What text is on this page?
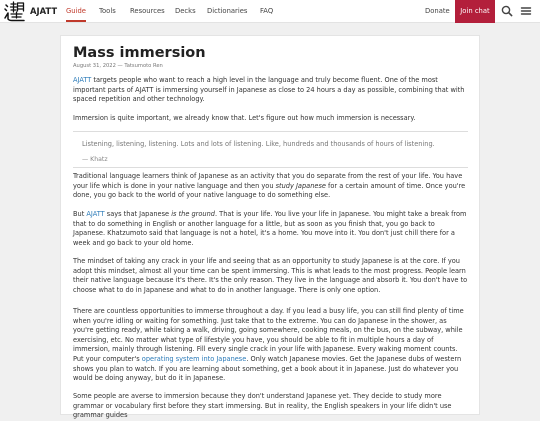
AJATT Guide Tools Resources Decks Dictionaries FAQ	Donate	Join chat
Mass immersion
August 31, 2022 — Tatsumoto Ren

AJATT targets people who want to reach a high level in the language and truly become fluent. One of the most important parts of AJATT is immersing yourself in Japanese as close to 24 hours a day as possible, combining that with spaced repetition and other technology.

Immersion is quite important, we already know that. Let's figure out how much immersion is necessary.

Listening, listening, listening. Lots and lots of listening. Like, hundreds and thousands of hours of listening.
— Khatz

Traditional language learners think of Japanese as an activity that you do separate from the rest of your life. You have your life which is done in your native language and then you study Japanese for a certain amount of time. Once you're done, you go back to the world of your native language to do something else.

But AJATT says that Japanese is the ground. That is your life. You live your life in Japanese. You might take a break from that to do something in English or another language for a little, but as soon as you finish that, you go back to Japanese. Khatzumoto said that language is not a hotel, it's a home. You move into it. You don't just chill there for a week and go back to your old home.

The mindset of taking any crack in your life and seeing that as an opportunity to study Japanese is at the core. If you adopt this mindset, almost all your time can be spent immersing. This is what leads to the most progress. People learn their native language because it's there. It's the only reason. They live in the language and absorb it. You don't have to choose what to do in Japanese and what to do in another language. There is only one option.

There are countless opportunities to immerse throughout a day. If you lead a busy life, you can still find plenty of time when you're idling or waiting for something. Just take that to the extreme. You can do Japanese in the shower, as you're getting ready, while taking a walk, driving, going somewhere, cooking meals, on the bus, on the subway, while exercising, etc. No matter what type of lifestyle you have, you should be able to fit in multiple hours a day of immersion, mainly through listening. Fill every single crack in your life with Japanese. Every waking moment counts. Put your computer's operating system into Japanese. Only watch Japanese movies. Get the Japanese dubs of western shows you plan to watch. If you are learning about something, get a book about it in Japanese. Just do whatever you would be doing anyway, but do it in Japanese.

Some people are averse to immersion because they don't understand Japanese yet. They decide to study more grammar or vocabulary first before they start immersing. But in reality, the English speakers in your life didn't use grammar guides
